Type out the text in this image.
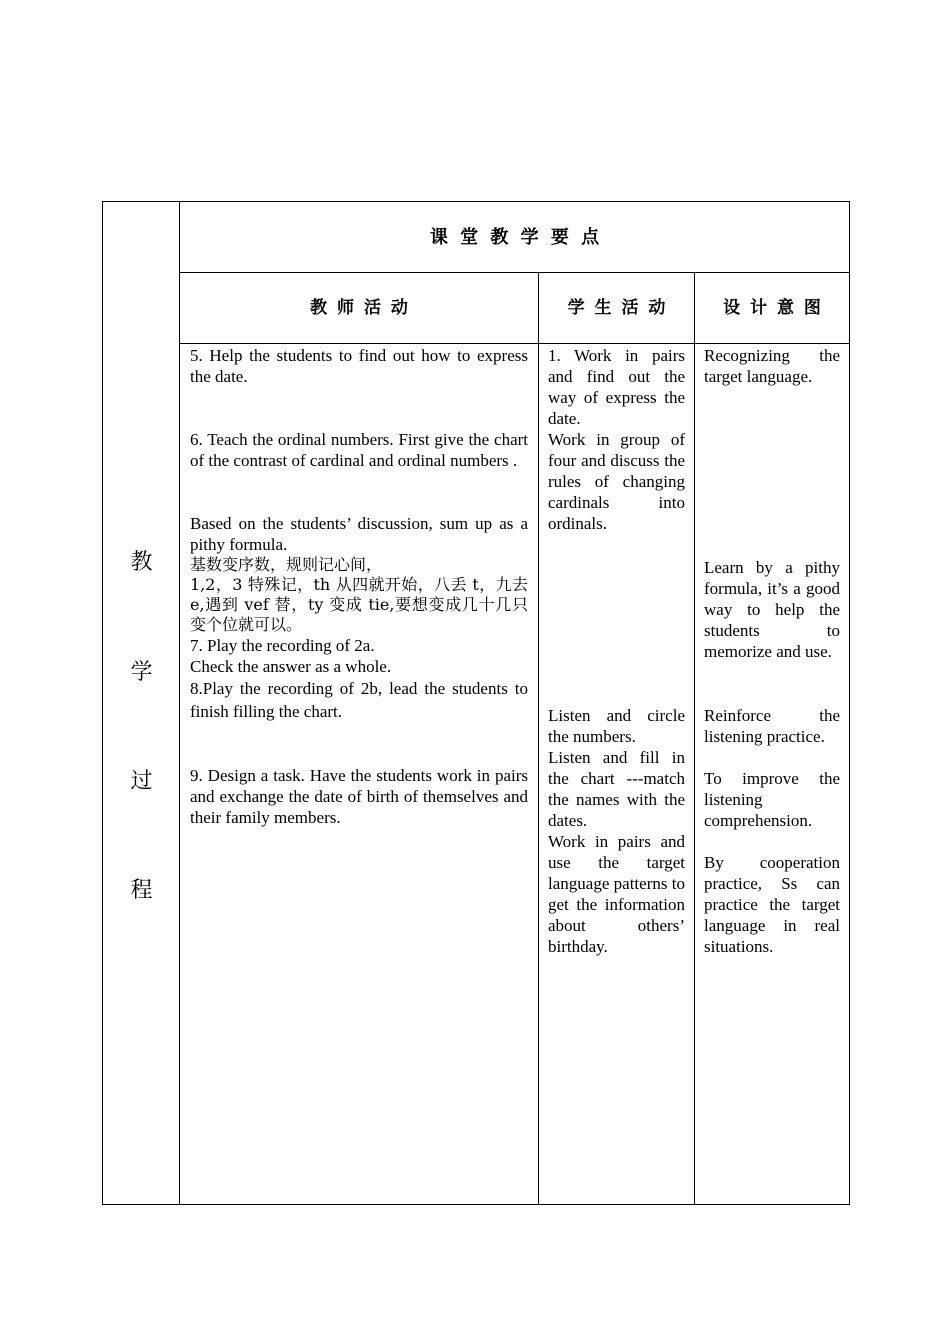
教
学
过
程
课 堂 教 学 要 点
教 师 活 动	学 生 活 动	设 计 意 图

5. Help the students to find out how to express the date.

6. Teach the ordinal numbers. First give the chart of the contrast of cardinal and ordinal numbers .

Based on the students’ discussion, sum up as a pithy formula.

基数变序数，规则记心间，

1,2，3 特殊记，th 从四就开始，八丢 t，九去 e,遇到 vef 替，ty 变成 tie,要想变成几十几只变个位就可以。

7. Play the recording of 2a.

Check the answer as a whole.

8.Play the recording of 2b, lead the students to finish filling the chart.

9. Design a task. Have the students work in pairs and exchange the date of birth of themselves and their family members.

1. Work in pairs and find out the way of express the date.

Work in group of four and discuss the rules of changing cardinals into ordinals.

Listen and circle the numbers.

Listen and fill in the chart ---match the names with the dates.

Work in pairs and use the target language patterns to get the information about others’ birthday.

Recognizing the target language.

Learn by a pithy formula, it’s a good way to help the students to memorize and use.

Reinforce the listening practice.

To improve the listening comprehension.

By cooperation practice, Ss can practice the target language in real situations.
